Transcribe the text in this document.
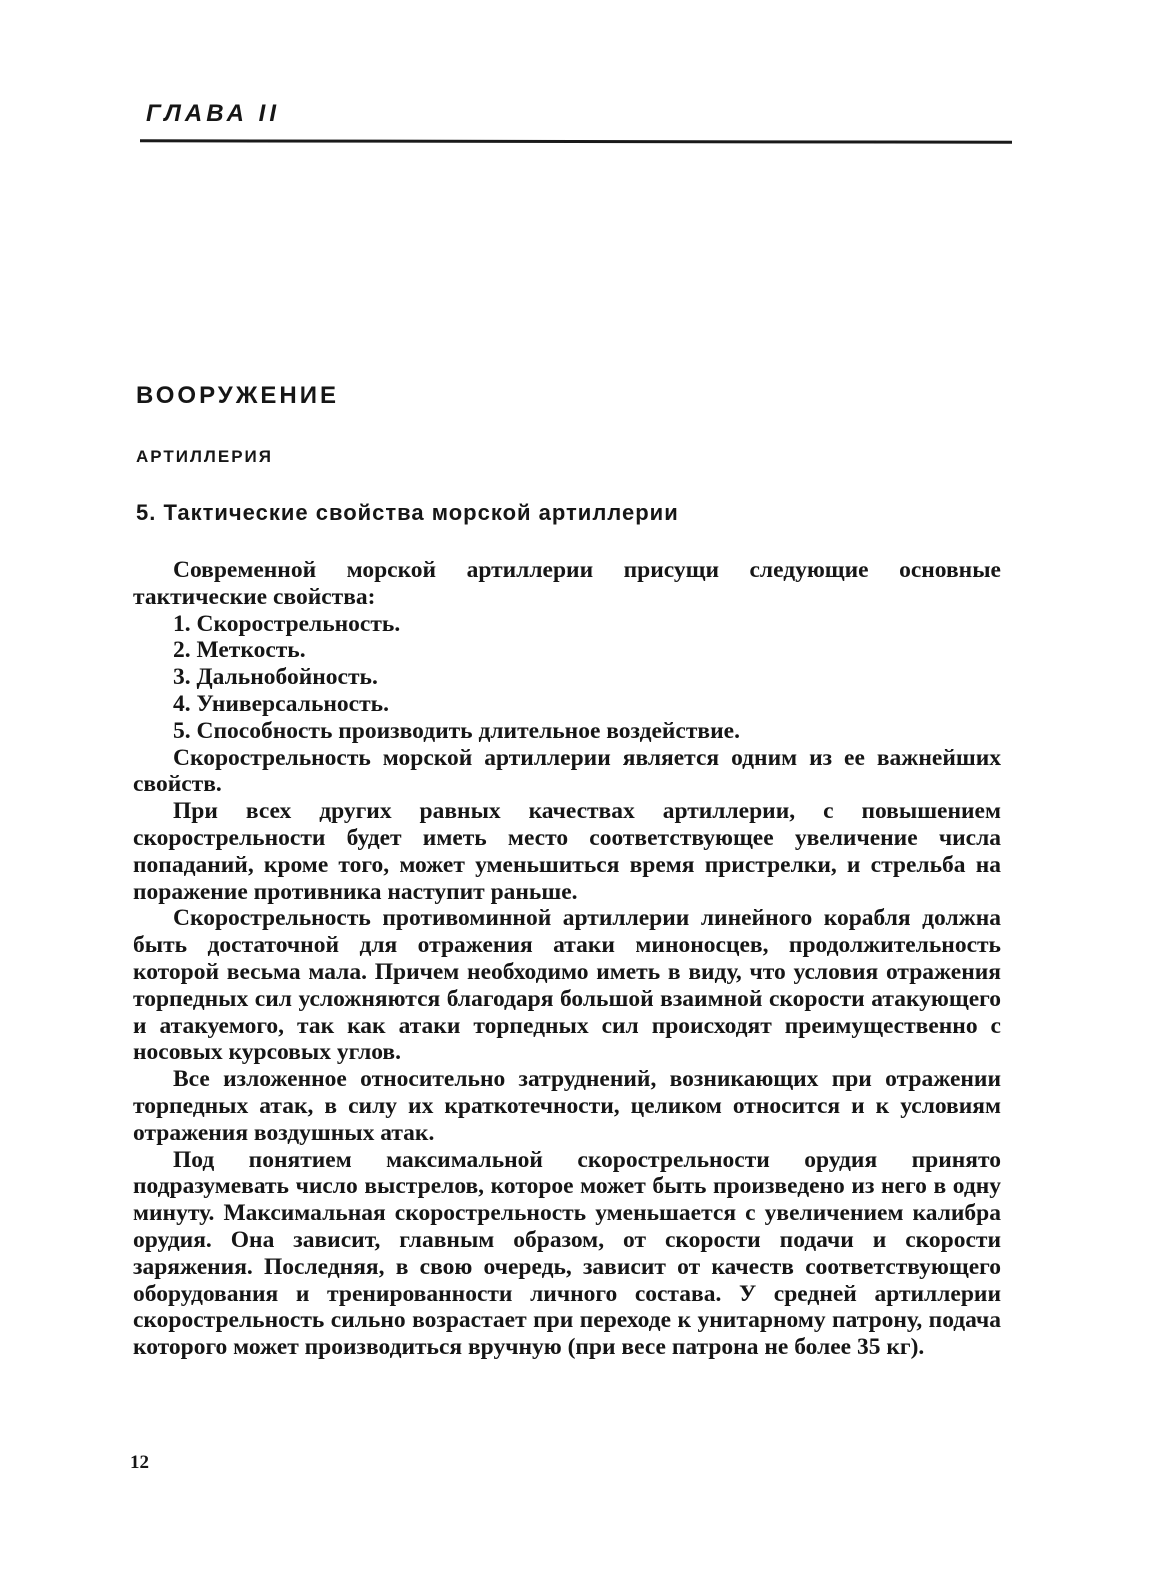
ГЛАВА II
ВООРУЖЕНИЕ
АРТИЛЛЕРИЯ
5. Тактические свойства морской артиллерии

Современной морской артиллерии присущи следующие основные тактические свойства:

1. Скорострельность.
2. Меткость.
3. Дальнобойность.
4. Универсальность.
5. Способность производить длительное воздействие.

Скорострельность морской артиллерии является одним из ее важнейших свойств.

При всех других равных качествах артиллерии, с повышением скорострельности будет иметь место соответствующее увеличение числа попаданий, кроме того, может уменьшиться время пристрелки, и стрельба на поражение противника наступит раньше.

Скорострельность противоминной артиллерии линейного корабля должна быть достаточной для отражения атаки миноносцев, продолжительность которой весьма мала. Причем необходимо иметь в виду, что условия отражения торпедных сил усложняются благодаря большой взаимной скорости атакующего и атакуемого, так как атаки торпедных сил происходят преимущественно с носовых курсовых углов.

Все изложенное относительно затруднений, возникающих при отражении торпедных атак, в силу их краткотечности, целиком относится и к условиям отражения воздушных атак.

Под понятием максимальной скорострельности орудия принято подразумевать число выстрелов, которое может быть произведено из него в одну минуту. Максимальная скорострельность уменьшается с увеличением калибра орудия. Она зависит, главным образом, от скорости подачи и скорости заряжения. Последняя, в свою очередь, зависит от качеств соответствующего оборудования и тренированности личного состава. У средней артиллерии скорострельность сильно возрастает при переходе к унитарному патрону, подача которого может производиться вручную (при весе патрона не более 35 кг).

12
